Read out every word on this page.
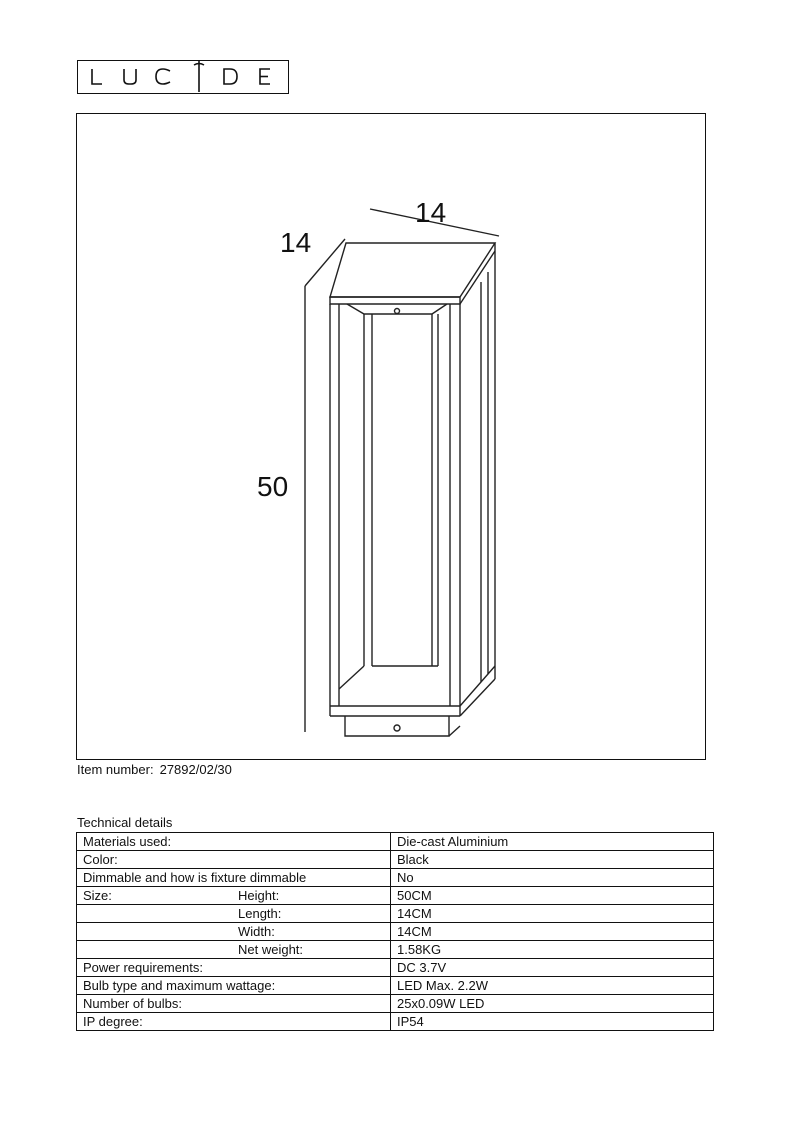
14
14
50
Item number: 27892/02/30
Technical details
Materials used:	Die-cast Aluminium
Color:	Black
Dimmable and how is fixture dimmable	No
Size: Height:	50CM

Length:	14CM

Width:	14CM

Net weight:	1.58KG
Power requirements:	DC 3.7V
Bulb type and maximum wattage:	LED Max. 2.2W
Number of bulbs:	25x0.09W LED
IP degree:	IP54
